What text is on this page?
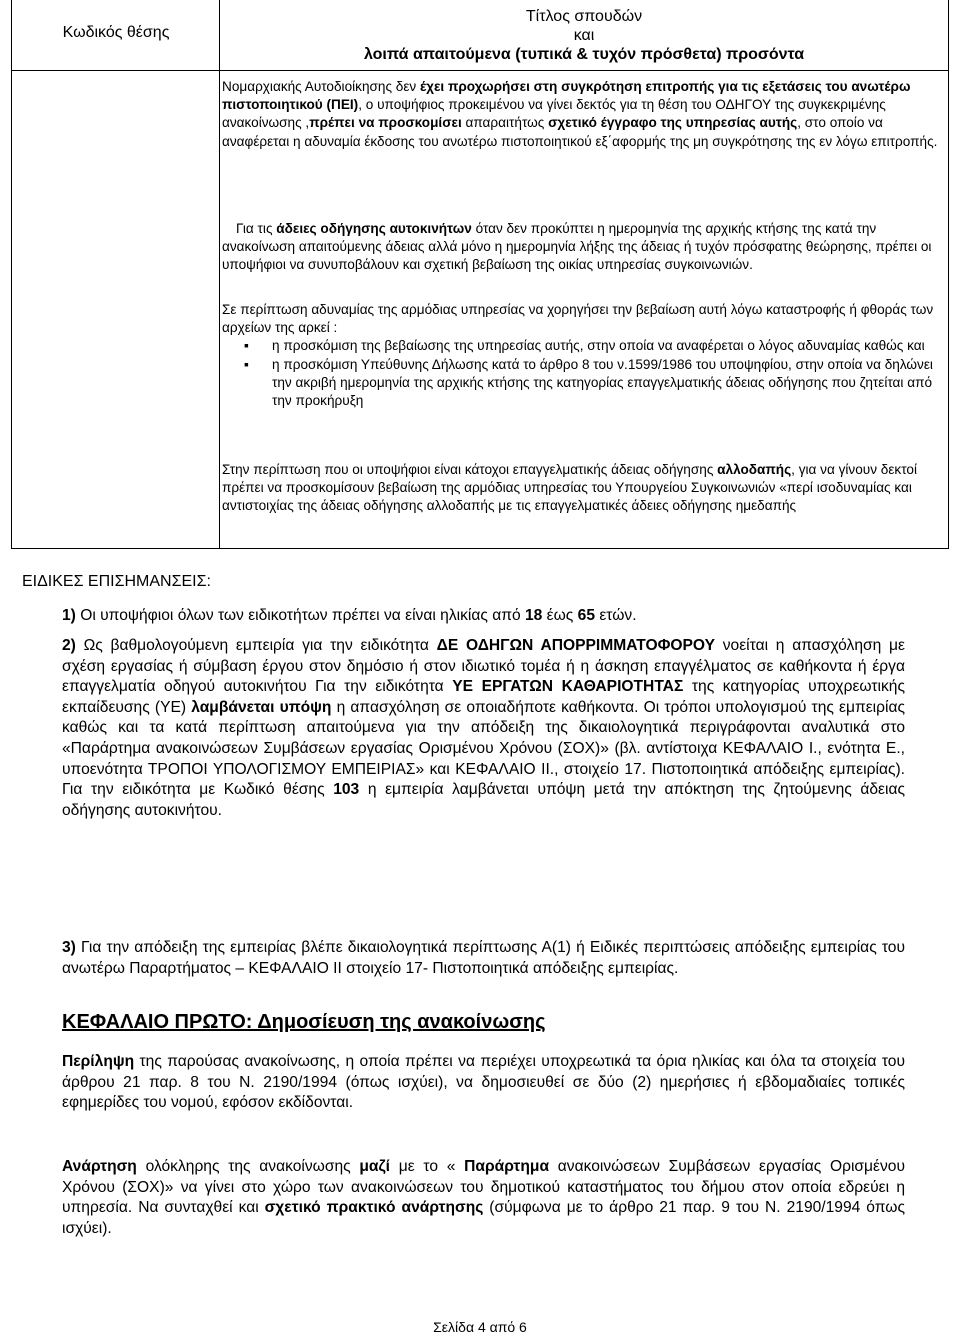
Κωδικός θέσης
Τίτλος σπουδών
και
λοιπά απαιτούμενα (τυπικά & τυχόν πρόσθετα) προσόντα
Νομαρχιακής Αυτοδιοίκησης δεν έχει προχωρήσει στη συγκρότηση επιτροπής για τις εξετάσεις του ανωτέρω πιστοποιητικού (ΠΕΙ), ο υποψήφιος προκειμένου να γίνει δεκτός για τη θέση του ΟΔΗΓΟΥ της συγκεκριμένης ανακοίνωσης ,πρέπει να προσκομίσει απαραιτήτως σχετικό έγγραφο της υπηρεσίας αυτής, στο οποίο να αναφέρεται η αδυναμία έκδοσης του ανωτέρω πιστοποιητικού εξ΄αφορμής της μη συγκρότησης της εν λόγω επιτροπής.
Για τις άδειες οδήγησης αυτοκινήτων όταν δεν προκύπτει η ημερομηνία της αρχικής κτήσης της κατά την ανακοίνωση απαιτούμενης άδειας αλλά μόνο η ημερομηνία λήξης της άδειας ή τυχόν πρόσφατης θεώρησης, πρέπει οι υποψήφιοι να συνυποβάλουν και σχετική βεβαίωση της οικίας υπηρεσίας συγκοινωνιών.
Σε περίπτωση αδυναμίας της αρμόδιας υπηρεσίας να χορηγήσει την βεβαίωση αυτή λόγω καταστροφής ή φθοράς των αρχείων της αρκεί :
▪ η προσκόμιση της βεβαίωσης της υπηρεσίας αυτής, στην οποία να αναφέρεται ο λόγος αδυναμίας καθώς και
▪ η προσκόμιση Υπεύθυνης Δήλωσης κατά το άρθρο 8 του ν.1599/1986 του υποψηφίου, στην οποία να δηλώνει την ακριβή ημερομηνία της αρχικής κτήσης της κατηγορίας επαγγελματικής άδειας οδήγησης που ζητείται από την προκήρυξη
Στην περίπτωση που οι υποψήφιοι είναι κάτοχοι επαγγελματικής άδειας οδήγησης αλλοδαπής, για να γίνουν δεκτοί πρέπει να προσκομίσουν βεβαίωση της αρμόδιας υπηρεσίας του Υπουργείου Συγκοινωνιών «περί ισοδυναμίας και αντιστοιχίας της άδειας οδήγησης αλλοδαπής με τις επαγγελματικές άδειες οδήγησης ημεδαπής
ΕΙΔΙΚΕΣ ΕΠΙΣΗΜΑΝΣΕΙΣ:
1) Οι υποψήφιοι όλων των ειδικοτήτων πρέπει να είναι ηλικίας από 18 έως 65 ετών.
2) Ως βαθμολογούμενη εμπειρία για την ειδικότητα ΔΕ ΟΔΗΓΩΝ ΑΠΟΡΡΙΜΜΑΤΟΦΟΡΟΥ νοείται η απασχόληση με σχέση εργασίας ή σύμβαση έργου στον δημόσιο ή στον ιδιωτικό τομέα ή η άσκηση επαγγέλματος σε καθήκοντα ή έργα επαγγελματία οδηγού αυτοκινήτου Για την ειδικότητα ΥΕ ΕΡΓΑΤΩΝ ΚΑΘΑΡΙΟΤΗΤΑΣ της κατηγορίας υποχρεωτικής εκπαίδευσης (ΥΕ) λαμβάνεται υπόψη η απασχόληση σε οποιαδήποτε καθήκοντα. Οι τρόποι υπολογισμού της εμπειρίας καθώς και τα κατά περίπτωση απαιτούμενα για την απόδειξη της δικαιολογητικά περιγράφονται αναλυτικά στο «Παράρτημα ανακοινώσεων Συμβάσεων εργασίας Ορισμένου Χρόνου (ΣΟΧ)» (βλ. αντίστοιχα ΚΕΦΑΛΑΙΟ Ι., ενότητα Ε., υποενότητα ΤΡΟΠΟΙ ΥΠΟΛΟΓΙΣΜΟΥ ΕΜΠΕΙΡΙΑΣ» και ΚΕΦΑΛΑΙΟ ΙΙ., στοιχείο 17. Πιστοποιητικά απόδειξης εμπειρίας). Για την ειδικότητα με Κωδικό θέσης 103 η εμπειρία λαμβάνεται υπόψη μετά την απόκτηση της ζητούμενης άδειας οδήγησης αυτοκινήτου.
3) Για την απόδειξη της εμπειρίας βλέπε δικαιολογητικά περίπτωσης Α(1) ή Ειδικές περιπτώσεις απόδειξης εμπειρίας του ανωτέρω Παραρτήματος – ΚΕΦΑΛΑΙΟ ΙΙ στοιχείο 17- Πιστοποιητικά απόδειξης εμπειρίας.
ΚΕΦΑΛΑΙΟ ΠΡΩΤΟ: Δημοσίευση της ανακοίνωσης
Περίληψη της παρούσας ανακοίνωσης, η οποία πρέπει να περιέχει υποχρεωτικά τα όρια ηλικίας και όλα τα στοιχεία του άρθρου 21 παρ. 8 του Ν. 2190/1994 (όπως ισχύει), να δημοσιευθεί σε δύο (2) ημερήσιες ή εβδομαδιαίες τοπικές εφημερίδες του νομού, εφόσον εκδίδονται.
Ανάρτηση ολόκληρης της ανακοίνωσης μαζί με το « Παράρτημα ανακοινώσεων Συμβάσεων εργασίας Ορισμένου Χρόνου (ΣΟΧ)» να γίνει στο χώρο των ανακοινώσεων του δημοτικού καταστήματος του δήμου στον οποία εδρεύει η υπηρεσία. Να συνταχθεί και σχετικό πρακτικό ανάρτησης (σύμφωνα με το άρθρο 21 παρ. 9 του Ν. 2190/1994 όπως ισχύει).
Σελίδα 4 από 6
